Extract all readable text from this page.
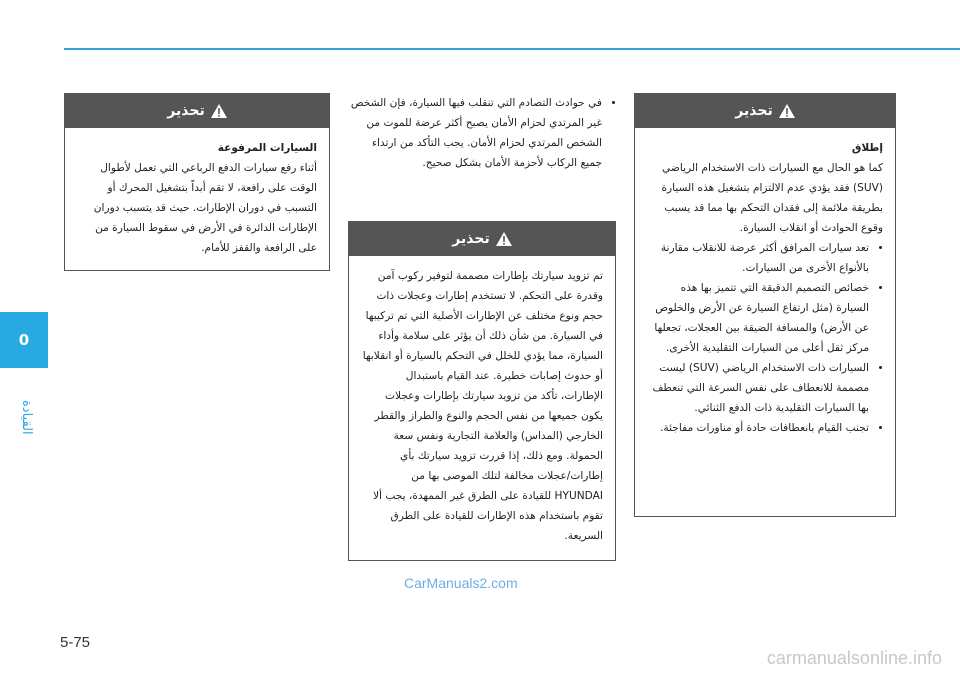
0
القيادة
تحذير

إطلاق

كما هو الحال مع السيارات ذات الاستخدام الرياضي (SUV) فقد يؤدي عدم الالتزام بتشغيل هذه السيارة بطريقة ملائمة إلى فقدان التحكم بها مما قد يسبب وقوع الحوادث أو انقلاب السيارة.

• تعد سيارات المرافق أكثر عرضة للانقلاب مقارنة بالأنواع الأخرى من السيارات.
• خصائص التصميم الدقيقة التي تتميز بها هذه السيارة (مثل ارتفاع السيارة عن الأرض والخلوص عن الأرض) والمسافة الضيقة بين العجلات، تجعلها مركز ثقل أعلى من السيارات التقليدية الأخرى.
• السيارات ذات الاستخدام الرياضي (SUV) ليست مصممة للانعطاف على نفس السرعة التي تنعطف بها السيارات التقليدية ذات الدفع الثنائي.
• تجنب القيام بانعطافات حادة أو مناورات مفاجئة.
• في حوادث التصادم التي تنقلب فيها السيارة، فإن الشخص غير المرتدي لحزام الأمان يصبح أكثر عرضة للموت من الشخص المرتدي لحزام الأمان. يجب التأكد من ارتداء جميع الركاب لأحزمة الأمان بشكل صحيح.
تحذير

تم تزويد سيارتك بإطارات مصممة لتوفير ركوب آمن وقدرة على التحكم. لا تستخدم إطارات وعجلات ذات حجم ونوع مختلف عن الإطارات الأصلية التي تم تركيبها في السيارة. من شأن ذلك أن يؤثر على سلامة وأداء السيارة، مما يؤدي للخلل في التحكم بالسيارة أو انقلابها أو حدوث إصابات خطيرة. عند القيام باستبدال الإطارات، تأكد من تزويد سيارتك بإطارات وعجلات يكون جميعها من نفس الحجم والنوع والطراز والقطر الخارجي (المداس) والعلامة التجارية ونفس سعة الحمولة. ومع ذلك، إذا قررت تزويد سيارتك بأي إطارات/عجلات مخالفة لتلك الموصى بها من HYUNDAI للقيادة على الطرق غير الممهدة، يجب ألا تقوم باستخدام هذه الإطارات للقيادة على الطرق السريعة.

تحذير

السيارات المرفوعة

أثناء رفع سيارات الدفع الرباعي التي تعمل لأطوال الوقت على رافعة، لا تقم أبداً بتشغيل المحرك أو التسبب في دوران الإطارات. حيث قد يتسبب دوران الإطارات الدائرة في الأرض في سقوط السيارة من على الرافعة والقفز للأمام.

CarManuals2.com
5-75
carmanualsonline.info
